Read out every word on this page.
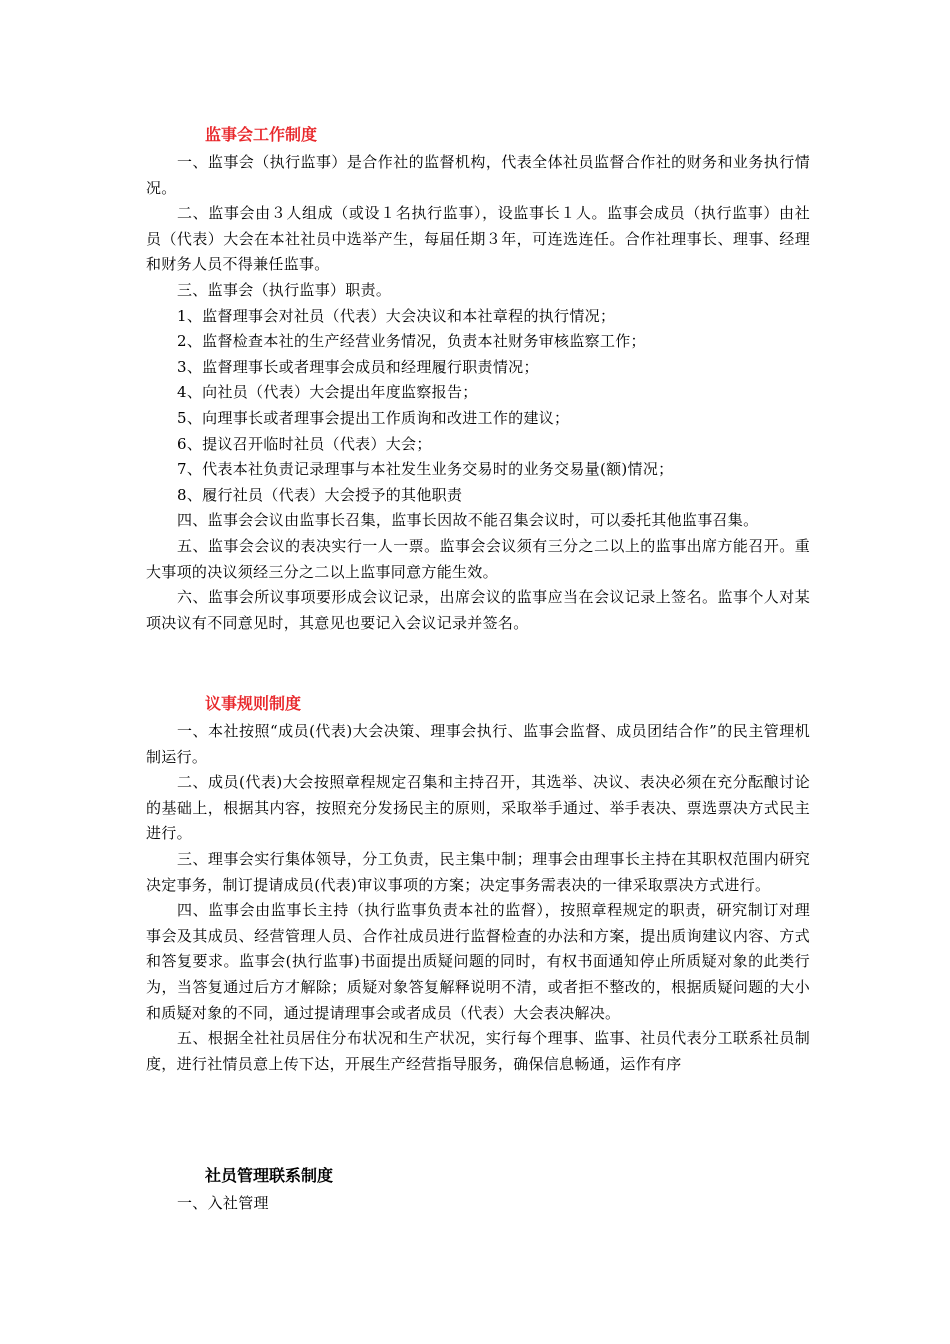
监事会工作制度

一、监事会（执行监事）是合作社的监督机构，代表全体社员监督合作社的财务和业务执行情况。

二、监事会由３人组成（或设１名执行监事），设监事长１人。监事会成员（执行监事）由社员（代表）大会在本社社员中选举产生，每届任期３年，可连选连任。合作社理事长、理事、经理和财务人员不得兼任监事。

三、监事会（执行监事）职责。

1、监督理事会对社员（代表）大会决议和本社章程的执行情况；

2、监督检查本社的生产经营业务情况，负责本社财务审核监察工作；

3、监督理事长或者理事会成员和经理履行职责情况；

4、向社员（代表）大会提出年度监察报告；

5、向理事长或者理事会提出工作质询和改进工作的建议；

6、提议召开临时社员（代表）大会；

7、代表本社负责记录理事与本社发生业务交易时的业务交易量(额)情况；

8、履行社员（代表）大会授予的其他职责

四、监事会会议由监事长召集，监事长因故不能召集会议时，可以委托其他监事召集。

五、监事会会议的表决实行一人一票。监事会会议须有三分之二以上的监事出席方能召开。重大事项的决议须经三分之二以上监事同意方能生效。

六、监事会所议事项要形成会议记录，出席会议的监事应当在会议记录上签名。监事个人对某项决议有不同意见时，其意见也要记入会议记录并签名。

议事规则制度

一、本社按照“成员(代表)大会决策、理事会执行、监事会监督、成员团结合作”的民主管理机制运行。

二、成员(代表)大会按照章程规定召集和主持召开，其选举、决议、表决必须在充分酝酿讨论的基础上，根据其内容，按照充分发扬民主的原则，采取举手通过、举手表决、票选票决方式民主进行。

三、理事会实行集体领导，分工负责，民主集中制；理事会由理事长主持在其职权范围内研究决定事务，制订提请成员(代表)审议事项的方案；决定事务需表决的一律采取票决方式进行。

四、监事会由监事长主持（执行监事负责本社的监督），按照章程规定的职责，研究制订对理事会及其成员、经营管理人员、合作社成员进行监督检查的办法和方案，提出质询建议内容、方式和答复要求。监事会(执行监事)书面提出质疑问题的同时，有权书面通知停止所质疑对象的此类行为，当答复通过后方才解除；质疑对象答复解释说明不清，或者拒不整改的，根据质疑问题的大小和质疑对象的不同，通过提请理事会或者成员（代表）大会表决解决。

五、根据全社社员居住分布状况和生产状况，实行每个理事、监事、社员代表分工联系社员制度，进行社情员意上传下达，开展生产经营指导服务，确保信息畅通，运作有序

社员管理联系制度

一、入社管理
